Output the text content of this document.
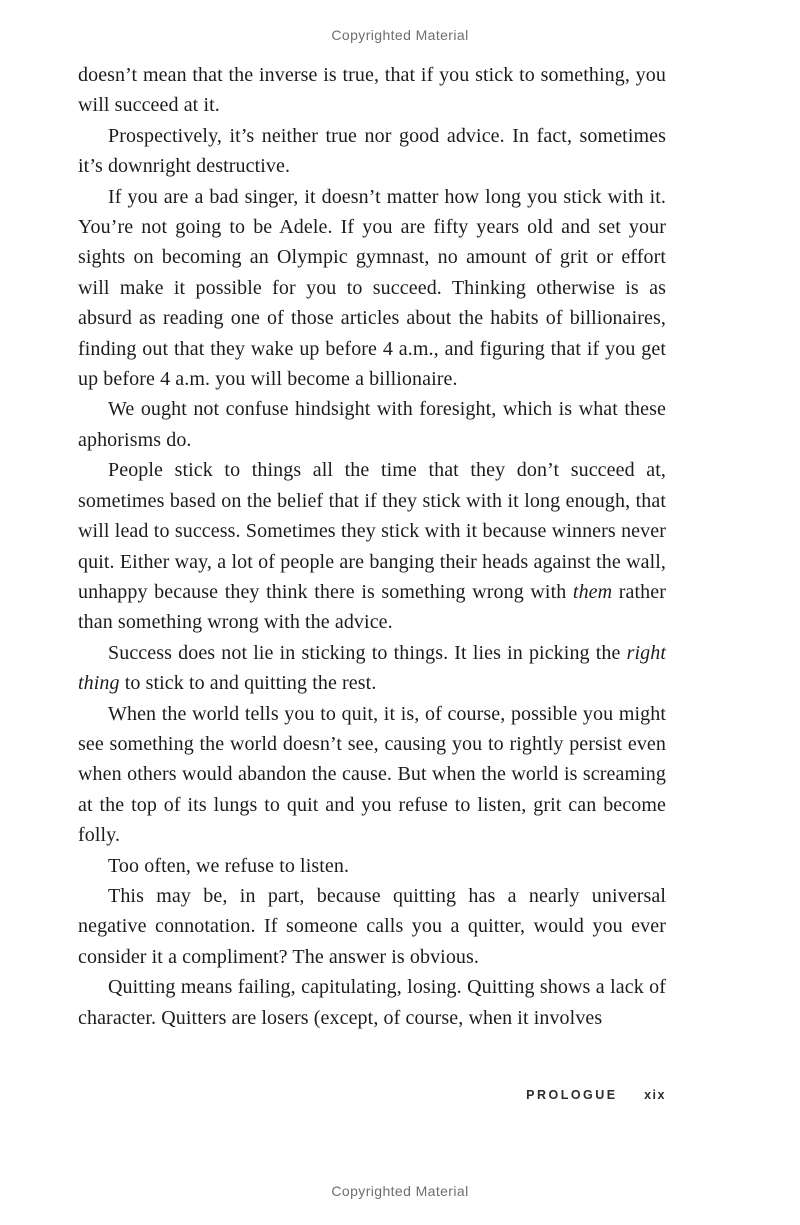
Copyrighted Material

doesn’t mean that the inverse is true, that if you stick to something, you will succeed at it.

Prospectively, it’s neither true nor good advice. In fact, sometimes it’s downright destructive.

If you are a bad singer, it doesn’t matter how long you stick with it. You’re not going to be Adele. If you are fifty years old and set your sights on becoming an Olympic gymnast, no amount of grit or effort will make it possible for you to succeed. Thinking otherwise is as absurd as reading one of those articles about the habits of billionaires, finding out that they wake up before 4 a.m., and figuring that if you get up before 4 a.m. you will become a billionaire.

We ought not confuse hindsight with foresight, which is what these aphorisms do.

People stick to things all the time that they don’t succeed at, sometimes based on the belief that if they stick with it long enough, that will lead to success. Sometimes they stick with it because winners never quit. Either way, a lot of people are banging their heads against the wall, unhappy because they think there is something wrong with them rather than something wrong with the advice.

Success does not lie in sticking to things. It lies in picking the right thing to stick to and quitting the rest.

When the world tells you to quit, it is, of course, possible you might see something the world doesn’t see, causing you to rightly persist even when others would abandon the cause. But when the world is screaming at the top of its lungs to quit and you refuse to listen, grit can become folly.

Too often, we refuse to listen.

This may be, in part, because quitting has a nearly universal negative connotation. If someone calls you a quitter, would you ever consider it a compliment? The answer is obvious.

Quitting means failing, capitulating, losing. Quitting shows a lack of character. Quitters are losers (except, of course, when it involves

PROLOGUE xix
Copyrighted Material
